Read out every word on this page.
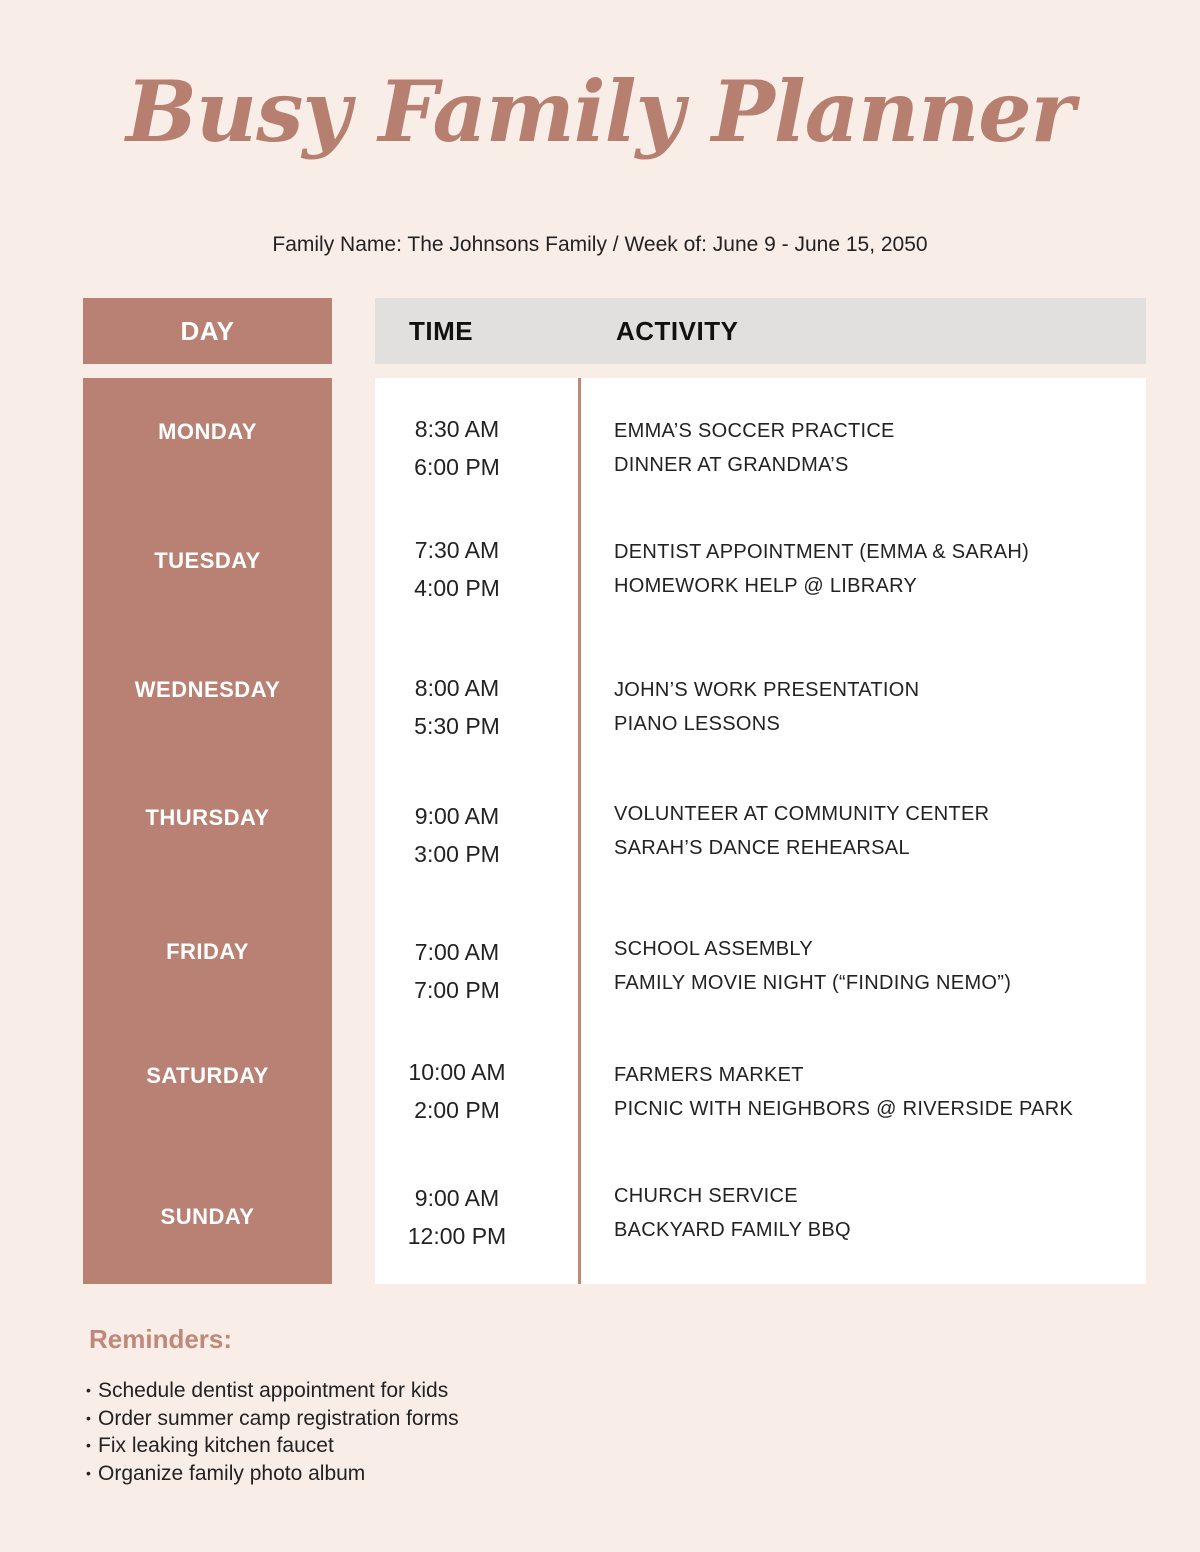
Busy Family Planner
Family Name: The Johnsons Family / Week of: June 9 - June 15, 2050
DAY	TIME	ACTIVITY
MONDAY
TUESDAY
WEDNESDAY
THURSDAY
FRIDAY
SATURDAY
SUNDAY
8:30 AM
6:00 PM
EMMA’S SOCCER PRACTICE
DINNER AT GRANDMA’S
7:30 AM
4:00 PM
DENTIST APPOINTMENT (EMMA & SARAH)
HOMEWORK HELP @ LIBRARY
8:00 AM
5:30 PM
JOHN’S WORK PRESENTATION
PIANO LESSONS
9:00 AM
3:00 PM
VOLUNTEER AT COMMUNITY CENTER
SARAH’S DANCE REHEARSAL
7:00 AM
7:00 PM
SCHOOL ASSEMBLY
FAMILY MOVIE NIGHT (“FINDING NEMO”)
10:00 AM
2:00 PM
FARMERS MARKET
PICNIC WITH NEIGHBORS @ RIVERSIDE PARK
9:00 AM
12:00 PM
CHURCH SERVICE
BACKYARD FAMILY BBQ
Reminders:
• Schedule dentist appointment for kids
• Order summer camp registration forms
• Fix leaking kitchen faucet
• Organize family photo album
